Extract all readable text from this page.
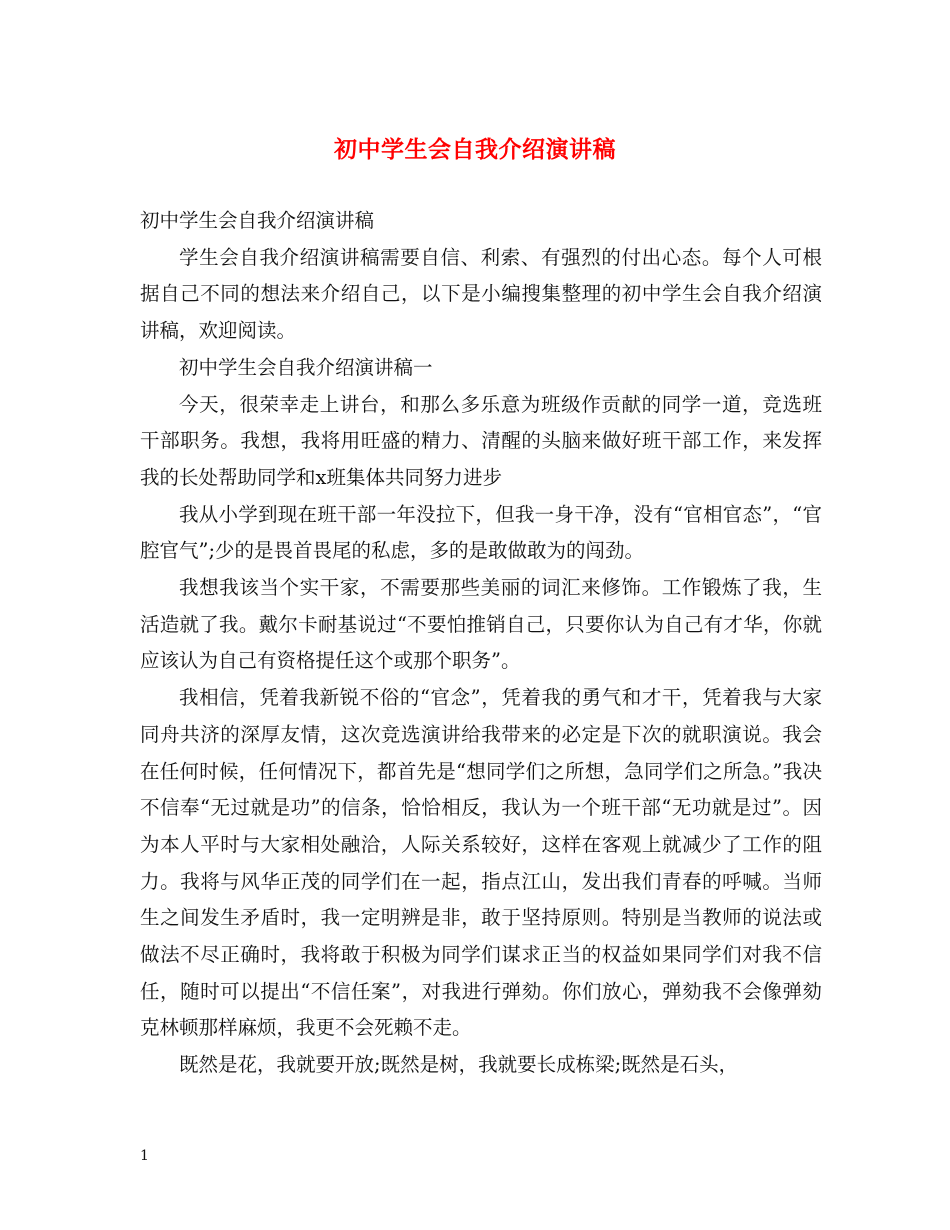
初中学生会自我介绍演讲稿

初中学生会自我介绍演讲稿

学生会自我介绍演讲稿需要自信、利索、有强烈的付出心态。每个人可根据自己不同的想法来介绍自己，以下是小编搜集整理的初中学生会自我介绍演讲稿，欢迎阅读。

初中学生会自我介绍演讲稿一

今天，很荣幸走上讲台，和那么多乐意为班级作贡献的同学一道，竞选班干部职务。我想，我将用旺盛的精力、清醒的头脑来做好班干部工作，来发挥我的长处帮助同学和x班集体共同努力进步

我从小学到现在班干部一年没拉下，但我一身干净，没有“官相官态”，“官腔官气”;少的是畏首畏尾的私虑，多的是敢做敢为的闯劲。

我想我该当个实干家，不需要那些美丽的词汇来修饰。工作锻炼了我，生活造就了我。戴尔卡耐基说过“不要怕推销自己，只要你认为自己有才华，你就应该认为自己有资格提任这个或那个职务”。

我相信，凭着我新锐不俗的“官念”，凭着我的勇气和才干，凭着我与大家同舟共济的深厚友情，这次竞选演讲给我带来的必定是下次的就职演说。我会在任何时候，任何情况下，都首先是“想同学们之所想，急同学们之所急。”我决不信奉“无过就是功”的信条，恰恰相反，我认为一个班干部“无功就是过”。因为本人平时与大家相处融洽，人际关系较好，这样在客观上就减少了工作的阻力。我将与风华正茂的同学们在一起，指点江山，发出我们青春的呼喊。当师生之间发生矛盾时，我一定明辨是非，敢于坚持原则。特别是当教师的说法或做法不尽正确时，我将敢于积极为同学们谋求正当的权益如果同学们对我不信任，随时可以提出“不信任案”，对我进行弹劾。你们放心，弹劾我不会像弹劾克林顿那样麻烦，我更不会死赖不走。

既然是花，我就要开放;既然是树，我就要长成栋梁;既然是石头，

1
